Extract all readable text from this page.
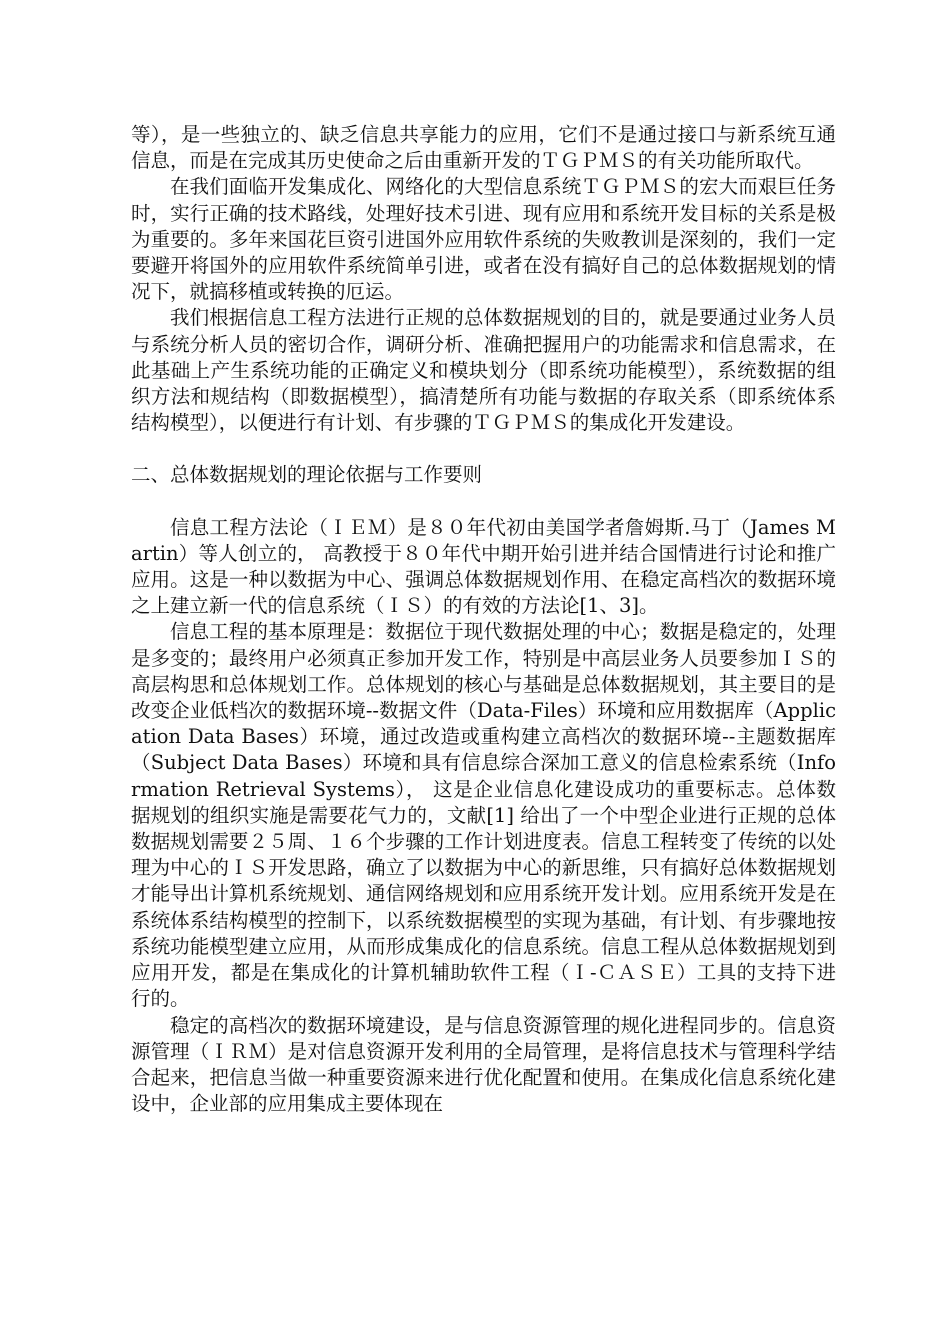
等），是一些独立的、缺乏信息共享能力的应用，它们不是通过接口与新系统互通信息，而是在完成其历史使命之后由重新开发的ＴＧＰＭＳ的有关功能所取代。

在我们面临开发集成化、网络化的大型信息系统ＴＧＰＭＳ的宏大而艰巨任务时，实行正确的技术路线，处理好技术引进、现有应用和系统开发目标的关系是极为重要的。多年来国花巨资引进国外应用软件系统的失败教训是深刻的，我们一定要避开将国外的应用软件系统简单引进，或者在没有搞好自己的总体数据规划的情况下，就搞移植或转换的厄运。

我们根据信息工程方法进行正规的总体数据规划的目的，就是要通过业务人员与系统分析人员的密切合作，调研分析、准确把握用户的功能需求和信息需求，在此基础上产生系统功能的正确定义和模块划分（即系统功能模型），系统数据的组织方法和规结构（即数据模型），搞清楚所有功能与数据的存取关系（即系统体系结构模型），以便进行有计划、有步骤的ＴＧＰＭＳ的集成化开发建设。

二、总体数据规划的理论依据与工作要则

信息工程方法论（ＩＥＭ）是８０年代初由美国学者詹姆斯.马丁（James Martin）等人创立的， 高教授于８０年代中期开始引进并结合国情进行讨论和推广应用。这是一种以数据为中心、强调总体数据规划作用、在稳定高档次的数据环境之上建立新一代的信息系统（ＩＳ）的有效的方法论[1、3]。

信息工程的基本原理是：数据位于现代数据处理的中心；数据是稳定的，处理是多变的；最终用户必须真正参加开发工作，特别是中高层业务人员要参加ＩＳ的高层构思和总体规划工作。总体规划的核心与基础是总体数据规划，其主要目的是改变企业低档次的数据环境--数据文件（Data-Files）环境和应用数据库（Application Data Bases）环境，通过改造或重构建立高档次的数据环境--主题数据库（Subject Data Bases）环境和具有信息综合深加工意义的信息检索系统（Information Retrieval Systems）， 这是企业信息化建设成功的重要标志。总体数据规划的组织实施是需要花气力的，文献[1] 给出了一个中型企业进行正规的总体数据规划需要２５周、１６个步骤的工作计划进度表。信息工程转变了传统的以处理为中心的ＩＳ开发思路，确立了以数据为中心的新思维，只有搞好总体数据规划才能导出计算机系统规划、通信网络规划和应用系统开发计划。应用系统开发是在系统体系结构模型的控制下，以系统数据模型的实现为基础，有计划、有步骤地按系统功能模型建立应用，从而形成集成化的信息系统。信息工程从总体数据规划到应用开发，都是在集成化的计算机辅助软件工程（Ｉ-ＣＡＳＥ）工具的支持下进行的。

稳定的高档次的数据环境建设，是与信息资源管理的规化进程同步的。信息资源管理（ＩＲＭ）是对信息资源开发利用的全局管理，是将信息技术与管理科学结合起来，把信息当做一种重要资源来进行优化配置和使用。在集成化信息系统化建设中，企业部的应用集成主要体现在
